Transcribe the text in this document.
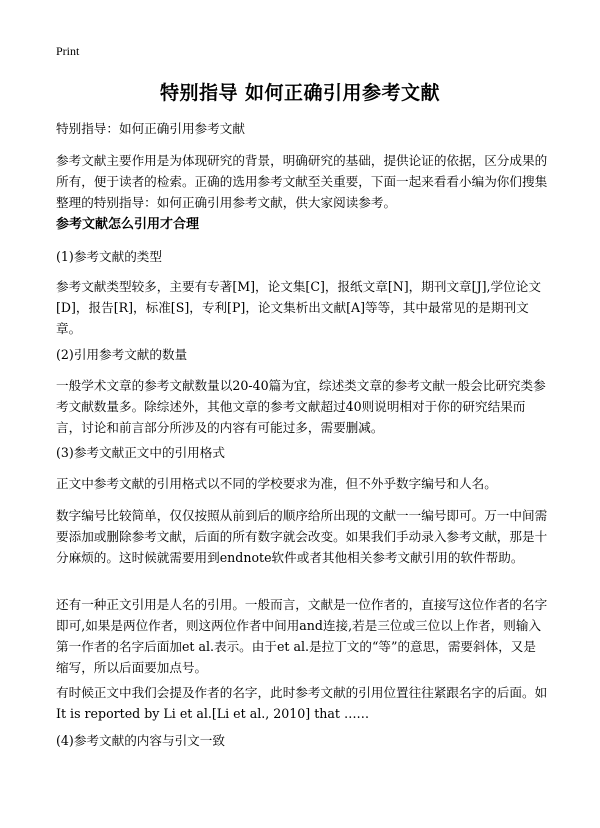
Print
特别指导 如何正确引用参考文献

特别指导：如何正确引用参考文献

参考文献主要作用是为体现研究的背景，明确研究的基础，提供论证的依据，区分成果的所有，便于读者的检索。正确的选用参考文献至关重要，下面一起来看看小编为你们搜集整理的特别指导：如何正确引用参考文献，供大家阅读参考。

参考文献怎么引用才合理

(1)参考文献的类型

参考文献类型较多，主要有专著[M]，论文集[C]，报纸文章[N]，期刊文章[J],学位论文[D]，报告[R]，标准[S]，专利[P]，论文集析出文献[A]等等，其中最常见的是期刊文章。

(2)引用参考文献的数量

一般学术文章的参考文献数量以20-40篇为宜，综述类文章的参考文献一般会比研究类参考文献数量多。除综述外，其他文章的参考文献超过40则说明相对于你的研究结果而言，讨论和前言部分所涉及的内容有可能过多，需要删减。

(3)参考文献正文中的引用格式

正文中参考文献的引用格式以不同的学校要求为准，但不外乎数字编号和人名。

数字编号比较简单，仅仅按照从前到后的顺序给所出现的文献一一编号即可。万一中间需要添加或删除参考文献，后面的所有数字就会改变。如果我们手动录入参考文献，那是十分麻烦的。这时候就需要用到endnote软件或者其他相关参考文献引用的软件帮助。

还有一种正文引用是人名的引用。一般而言，文献是一位作者的，直接写这位作者的名字即可,如果是两位作者，则这两位作者中间用and连接,若是三位或三位以上作者，则输入第一作者的名字后面加et al.表示。由于et al.是拉丁文的“等”的意思，需要斜体，又是缩写，所以后面要加点号。

有时候正文中我们会提及作者的名字，此时参考文献的引用位置往往紧跟名字的后面。如It is reported by Li et al.[Li et al., 2010] that ……

(4)参考文献的内容与引文一致
